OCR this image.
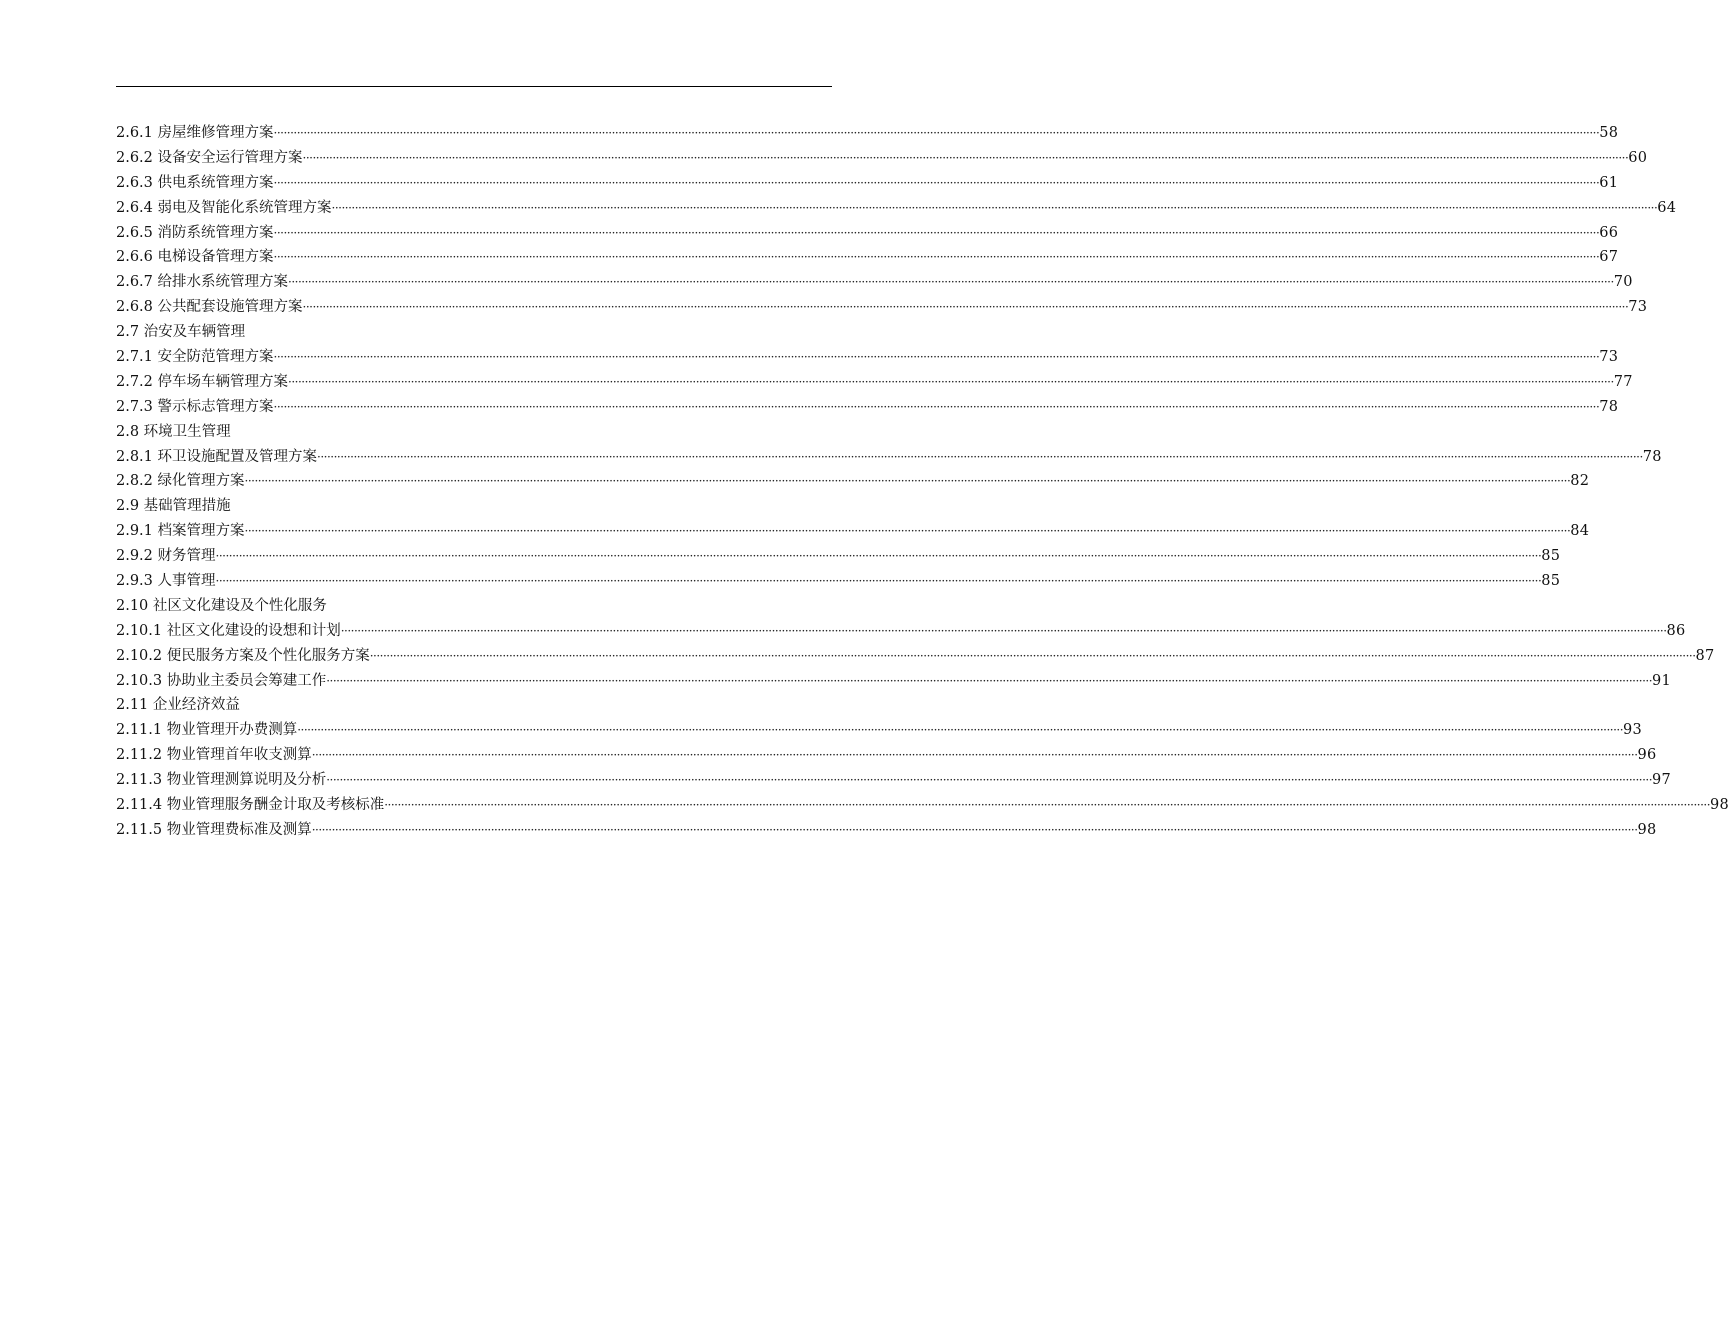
2.6.1 房屋维修管理方案 ················································································································································································································································································································································································································ 58
2.6.2 设备安全运行管理方案 ················································································································································································································································································································································································································ 60
2.6.3 供电系统管理方案 ················································································································································································································································································································································································································ 61
2.6.4 弱电及智能化系统管理方案 ················································································································································································································································································································································································································ 64
2.6.5 消防系统管理方案 ················································································································································································································································································································································································································ 66
2.6.6 电梯设备管理方案 ················································································································································································································································································································································································································ 67
2.6.7 给排水系统管理方案 ················································································································································································································································································································································································································ 70
2.6.8 公共配套设施管理方案 ················································································································································································································································································································································································································ 73
2.7 治安及车辆管理
2.7.1 安全防范管理方案 ················································································································································································································································································································································································································ 73
2.7.2 停车场车辆管理方案 ················································································································································································································································································································································································································ 77
2.7.3 警示标志管理方案 ················································································································································································································································································································································································································ 78
2.8 环境卫生管理
2.8.1 环卫设施配置及管理方案 ················································································································································································································································································································································································································ 78
2.8.2 绿化管理方案 ················································································································································································································································································································································································································ 82
2.9 基础管理措施
2.9.1 档案管理方案 ················································································································································································································································································································································································································ 84
2.9.2 财务管理 ················································································································································································································································································································································································································ 85
2.9.3 人事管理 ················································································································································································································································································································································································································ 85
2.10 社区文化建设及个性化服务
2.10.1 社区文化建设的设想和计划 ················································································································································································································································································································································································································ 86
2.10.2 便民服务方案及个性化服务方案 ················································································································································································································································································································································································································ 87
2.10.3 协助业主委员会筹建工作 ················································································································································································································································································································································································································ 91
2.11 企业经济效益
2.11.1 物业管理开办费测算 ················································································································································································································································································································································································································ 93
2.11.2 物业管理首年收支测算 ················································································································································································································································································································································································································ 96
2.11.3 物业管理测算说明及分析 ················································································································································································································································································································································································································ 97
2.11.4 物业管理服务酬金计取及考核标准 ················································································································································································································································································································································································································ 98
2.11.5 物业管理费标准及测算 ················································································································································································································································································································································································································ 98
